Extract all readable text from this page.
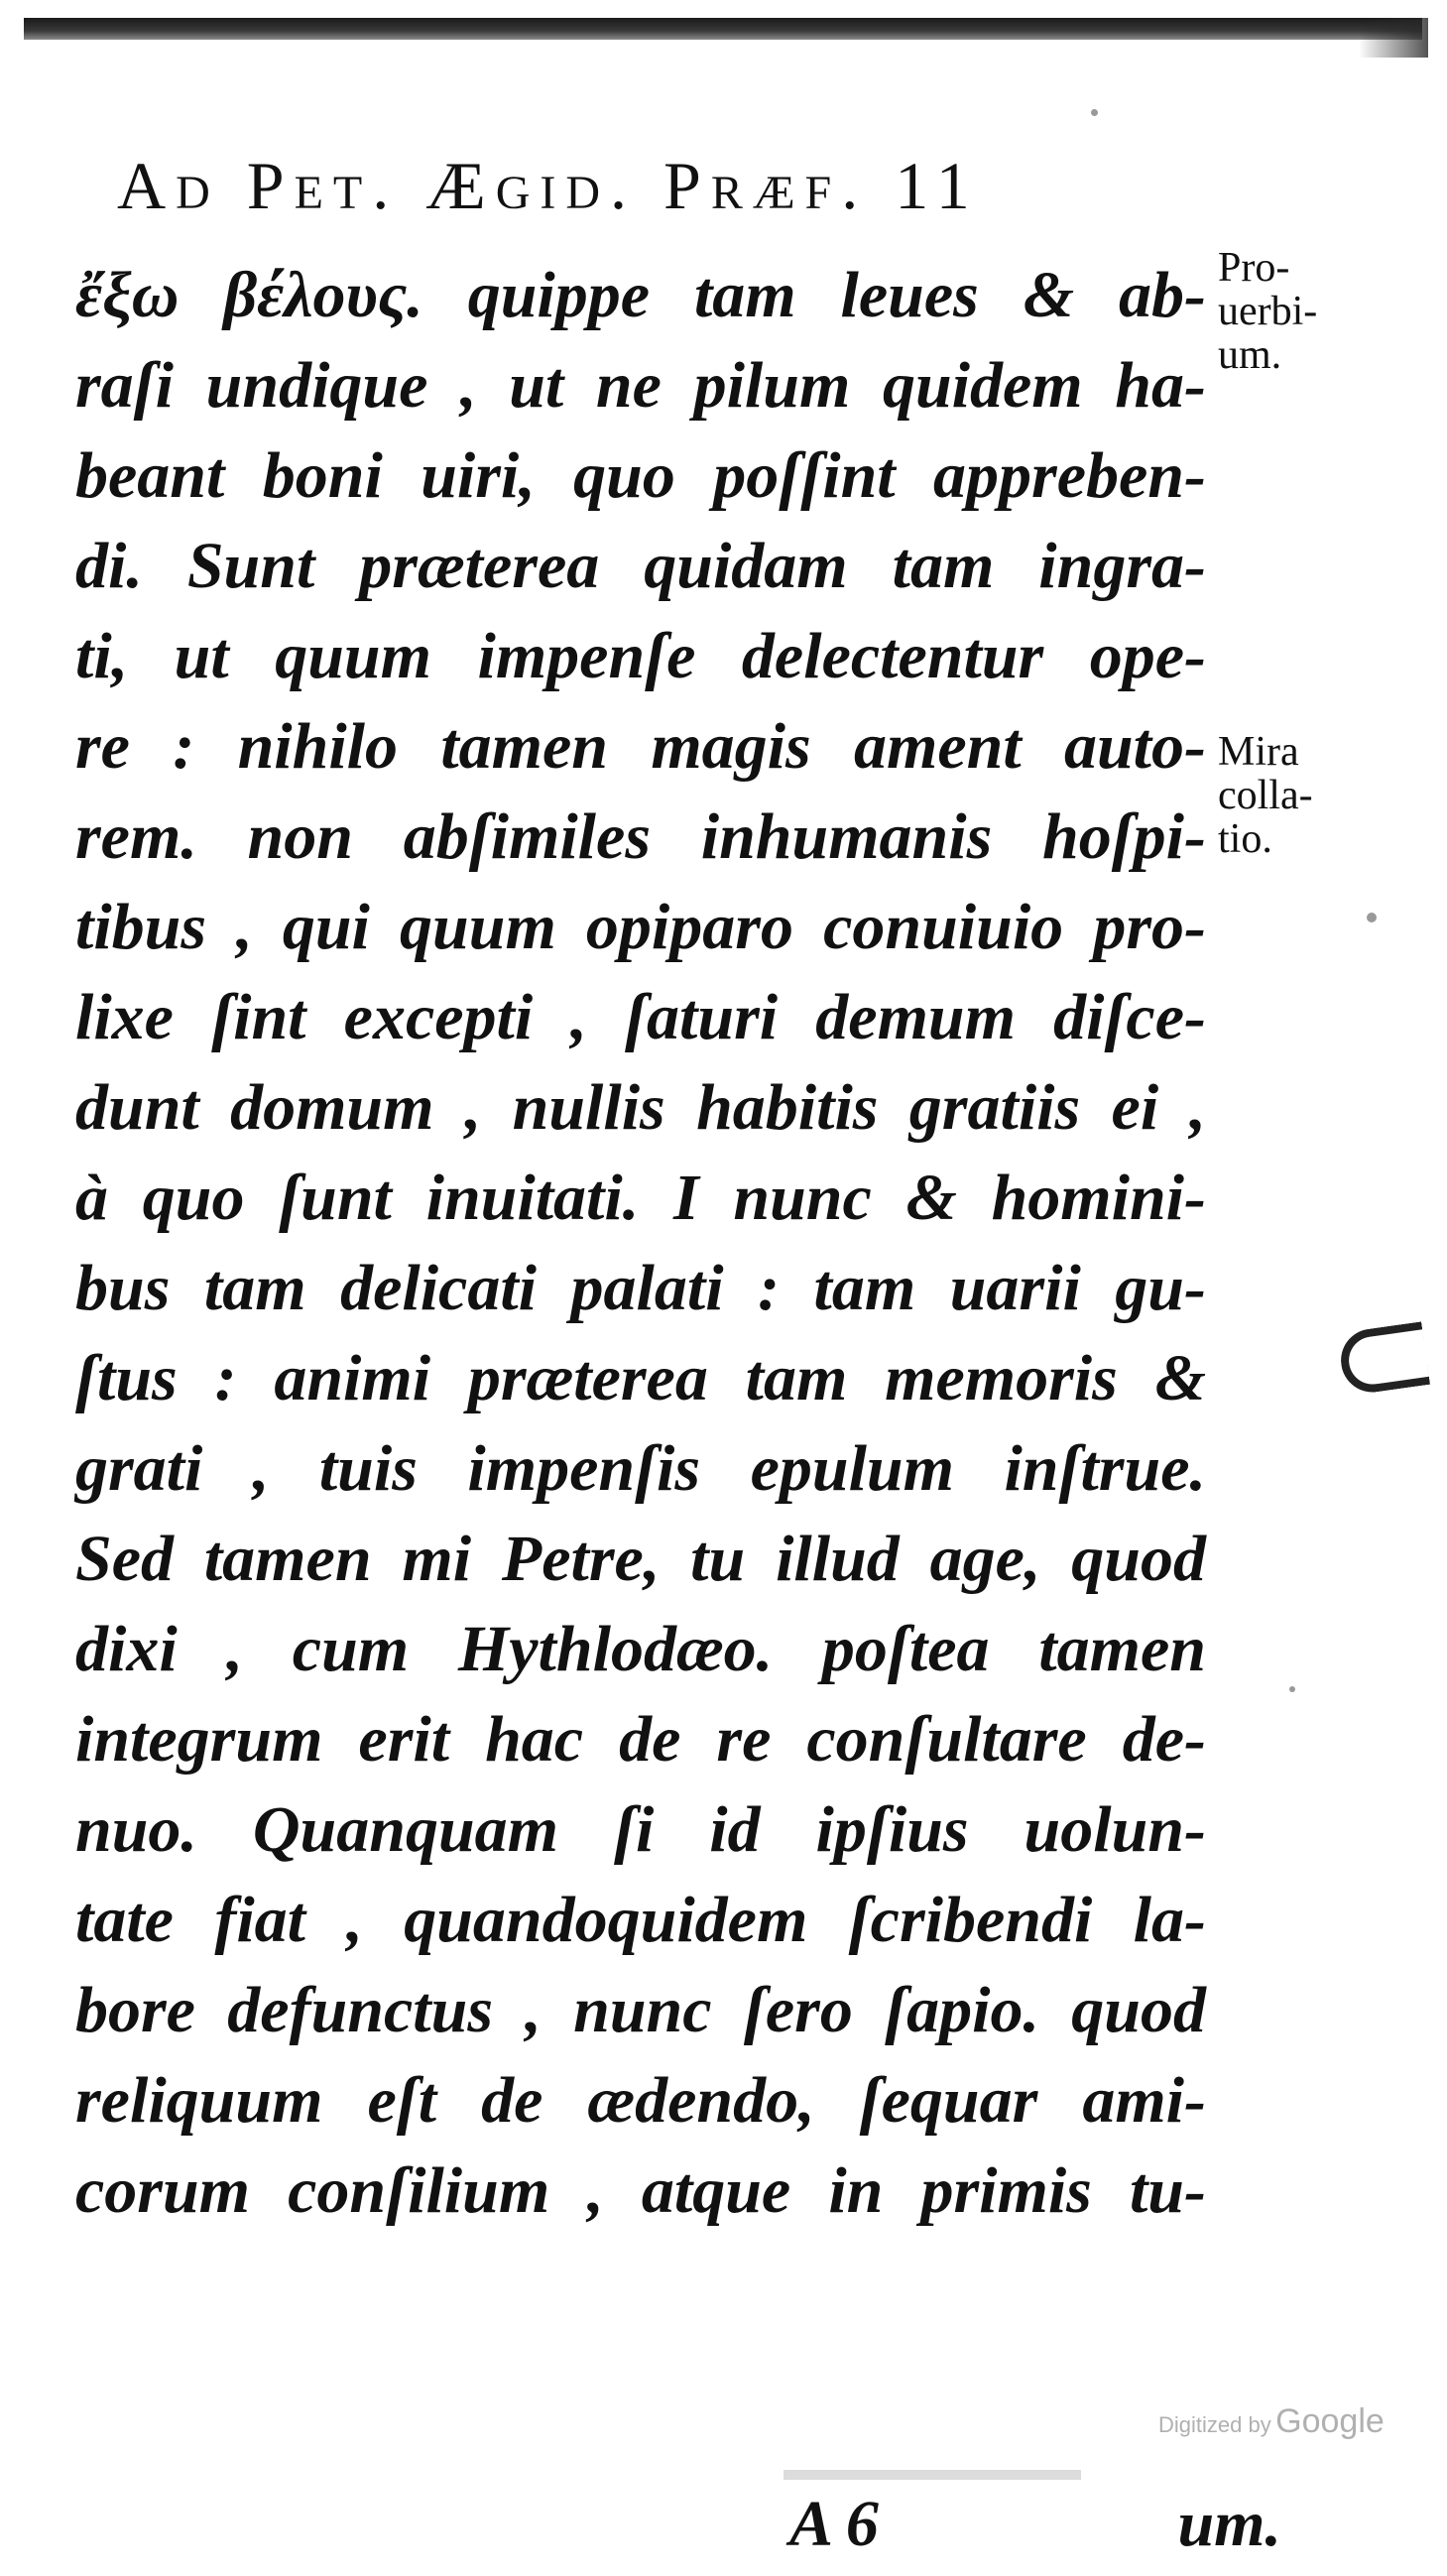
Ad Pet. Ægid. Præf. 11
ἔξω βέλους. quippe tam leues & ab-
raſi undique , ut ne pilum quidem ha-
beant boni uiri, quo poſſint appreben-
di. Sunt præterea quidam tam ingra-
ti, ut quum impenſe delectentur ope-
re : nihilo tamen magis ament auto-
rem. non abſimiles inhumanis hoſpi-
tibus , qui quum opiparo conuiuio pro-
lixe ſint excepti , ſaturi demum diſce-
dunt domum , nullis habitis gratiis ei ,
à quo ſunt inuitati. I nunc & homini-
bus tam delicati palati : tam uarii gu-
ſtus : animi præterea tam memoris &
grati , tuis impenſis epulum inſtrue.
Sed tamen mi Petre, tu illud age, quod
dixi , cum Hythlodæo. poſtea tamen
integrum erit hac de re conſultare de-
nuo. Quanquam ſi id ipſius uolun-
tate fiat , quandoquidem ſcribendi la-
bore defunctus , nunc ſero ſapio. quod
reliquum eſt de ædendo, ſequar ami-
corum conſilium , atque in primis tu-
A 6	um.
Pro-
uerbi-
um.
Mira
colla-
tio.
Digitized by Google
